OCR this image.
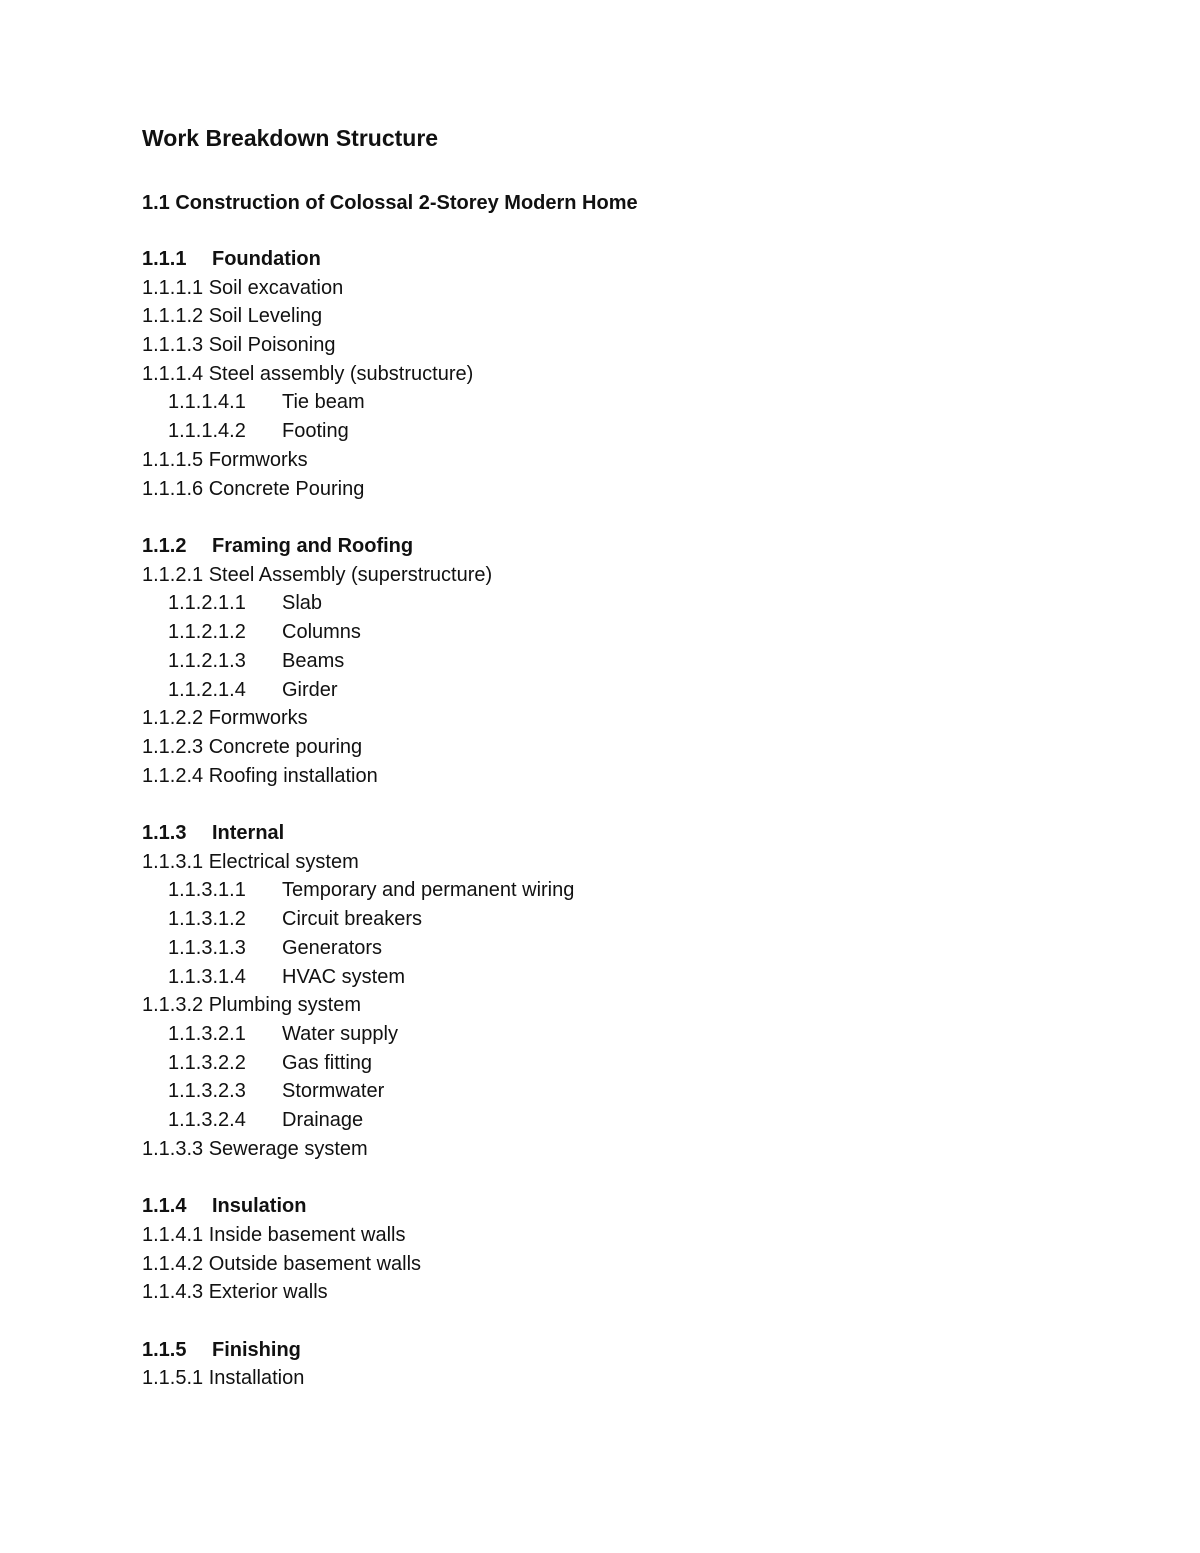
Work Breakdown Structure
1.1 Construction of Colossal 2-Storey Modern Home
1.1.1 Foundation
1.1.1.1 Soil excavation
1.1.1.2 Soil Leveling
1.1.1.3 Soil Poisoning
1.1.1.4 Steel assembly (substructure)
1.1.1.4.1 Tie beam
1.1.1.4.2 Footing
1.1.1.5 Formworks
1.1.1.6 Concrete Pouring
1.1.2 Framing and Roofing
1.1.2.1 Steel Assembly (superstructure)
1.1.2.1.1 Slab
1.1.2.1.2 Columns
1.1.2.1.3 Beams
1.1.2.1.4 Girder
1.1.2.2 Formworks
1.1.2.3 Concrete pouring
1.1.2.4 Roofing installation
1.1.3 Internal
1.1.3.1 Electrical system
1.1.3.1.1 Temporary and permanent wiring
1.1.3.1.2 Circuit breakers
1.1.3.1.3 Generators
1.1.3.1.4 HVAC system
1.1.3.2 Plumbing system
1.1.3.2.1 Water supply
1.1.3.2.2 Gas fitting
1.1.3.2.3 Stormwater
1.1.3.2.4 Drainage
1.1.3.3 Sewerage system
1.1.4 Insulation
1.1.4.1 Inside basement walls
1.1.4.2 Outside basement walls
1.1.4.3 Exterior walls
1.1.5 Finishing
1.1.5.1 Installation
